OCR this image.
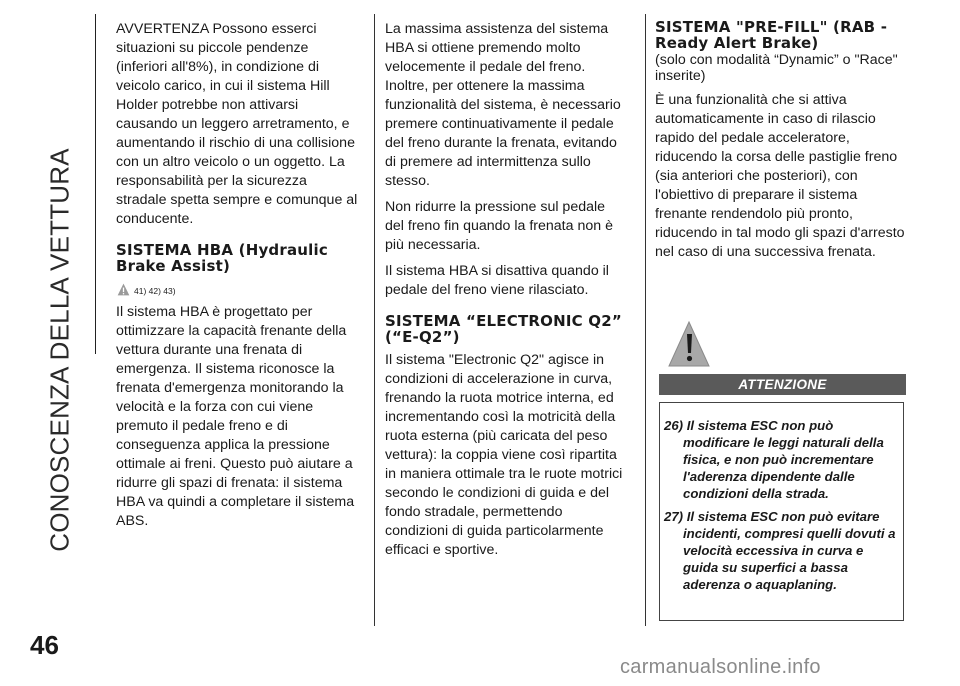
CONOSCENZA DELLA VETTURA
46

AVVERTENZA Possono esserci situazioni su piccole pendenze (inferiori all'8%), in condizione di veicolo carico, in cui il sistema Hill Holder potrebbe non attivarsi causando un leggero arretramento, e aumentando il rischio di una collisione con un altro veicolo o un oggetto. La responsabilità per la sicurezza stradale spetta sempre e comunque al conducente.

SISTEMA HBA (Hydraulic Brake Assist)
41) 42) 43)

Il sistema HBA è progettato per ottimizzare la capacità frenante della vettura durante una frenata di emergenza. Il sistema riconosce la frenata d'emergenza monitorando la velocità e la forza con cui viene premuto il pedale freno e di conseguenza applica la pressione ottimale ai freni. Questo può aiutare a ridurre gli spazi di frenata: il sistema HBA va quindi a completare il sistema ABS.

La massima assistenza del sistema HBA si ottiene premendo molto velocemente il pedale del freno. Inoltre, per ottenere la massima funzionalità del sistema, è necessario premere continuativamente il pedale del freno durante la frenata, evitando di premere ad intermittenza sullo stesso.

Non ridurre la pressione sul pedale del freno fin quando la frenata non è più necessaria.

Il sistema HBA si disattiva quando il pedale del freno viene rilasciato.

SISTEMA “ELECTRONIC Q2” (“E-Q2”)

Il sistema "Electronic Q2" agisce in condizioni di accelerazione in curva, frenando la ruota motrice interna, ed incrementando così la motricità della ruota esterna (più caricata del peso vettura): la coppia viene così ripartita in maniera ottimale tra le ruote motrici secondo le condizioni di guida e del fondo stradale, permettendo condizioni di guida particolarmente efficaci e sportive.

SISTEMA "PRE-FILL" (RAB - Ready Alert Brake)

(solo con modalità “Dynamic” o "Race" inserite)

È una funzionalità che si attiva automaticamente in caso di rilascio rapido del pedale acceleratore, riducendo la corsa delle pastiglie freno (sia anteriori che posteriori), con l'obiettivo di preparare il sistema frenante rendendolo più pronto, riducendo in tal modo gli spazi d'arresto nel caso di una successiva frenata.

ATTENZIONE
26) Il sistema ESC non può modificare le leggi naturali della fisica, e non può incrementare l'aderenza dipendente dalle condizioni della strada.
27) Il sistema ESC non può evitare incidenti, compresi quelli dovuti a velocità eccessiva in curva e guida su superfici a bassa aderenza o aquaplaning.
carmanualsonline.info
